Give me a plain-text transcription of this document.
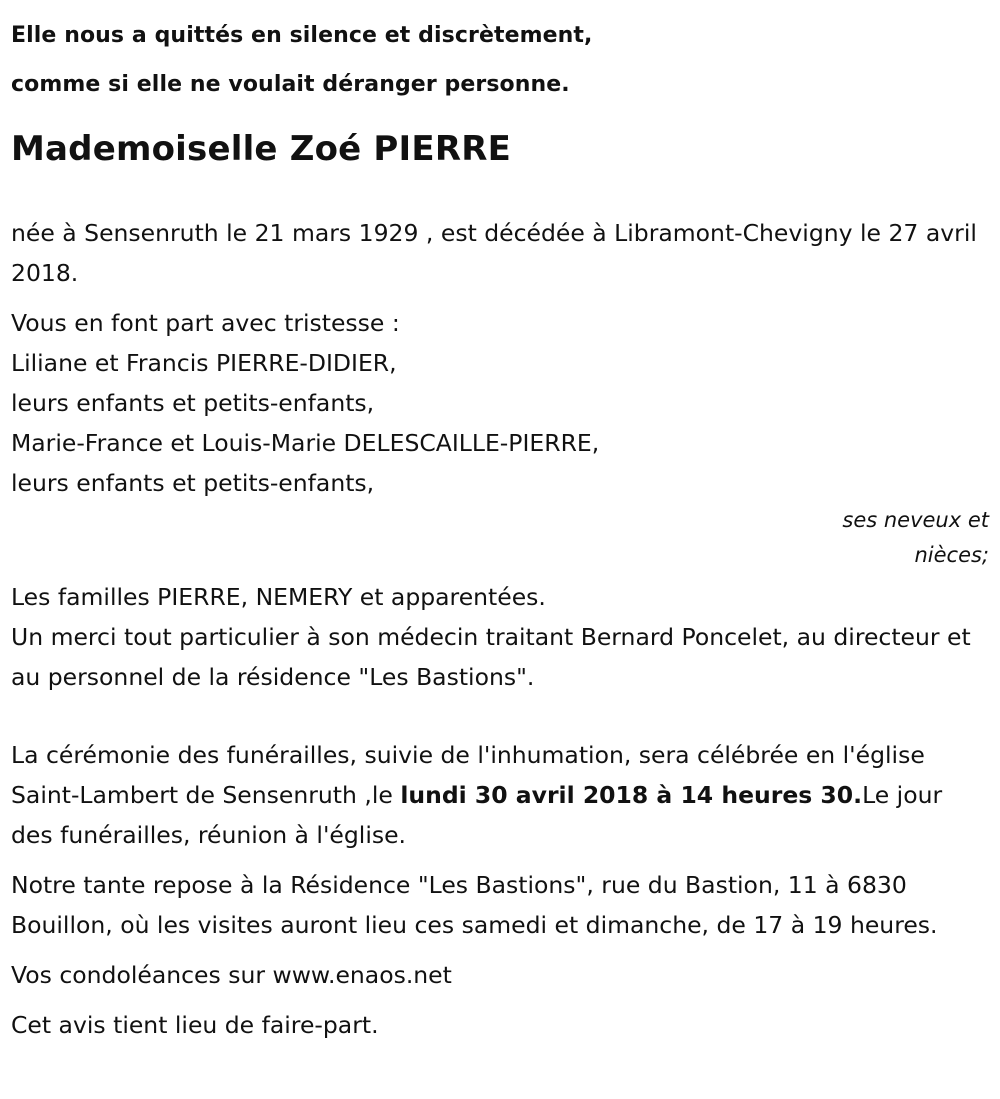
Elle nous a quittés en silence et discrètement,

comme si elle ne voulait déranger personne.

Mademoiselle Zoé PIERRE

née à Sensenruth le 21 mars 1929 , est décédée à Libramont-Chevigny le 27 avril 2018.

Vous en font part avec tristesse :
Liliane et Francis PIERRE-DIDIER,
leurs enfants et petits-enfants,
Marie-France et Louis-Marie DELESCAILLE-PIERRE,
leurs enfants et petits-enfants,
ses neveux et
nièces;
Les familles PIERRE, NEMERY et apparentées.
Un merci tout particulier à son médecin traitant Bernard Poncelet, au directeur et au personnel de la résidence "Les Bastions".

La cérémonie des funérailles, suivie de l'inhumation, sera célébrée en l'église Saint-Lambert de Sensenruth ,le lundi 30 avril 2018 à 14 heures 30.Le jour des funérailles, réunion à l'église.

Notre tante repose à la Résidence "Les Bastions", rue du Bastion, 11 à 6830 Bouillon, où les visites auront lieu ces samedi et dimanche, de 17 à 19 heures.

Vos condoléances sur www.enaos.net

Cet avis tient lieu de faire-part.
